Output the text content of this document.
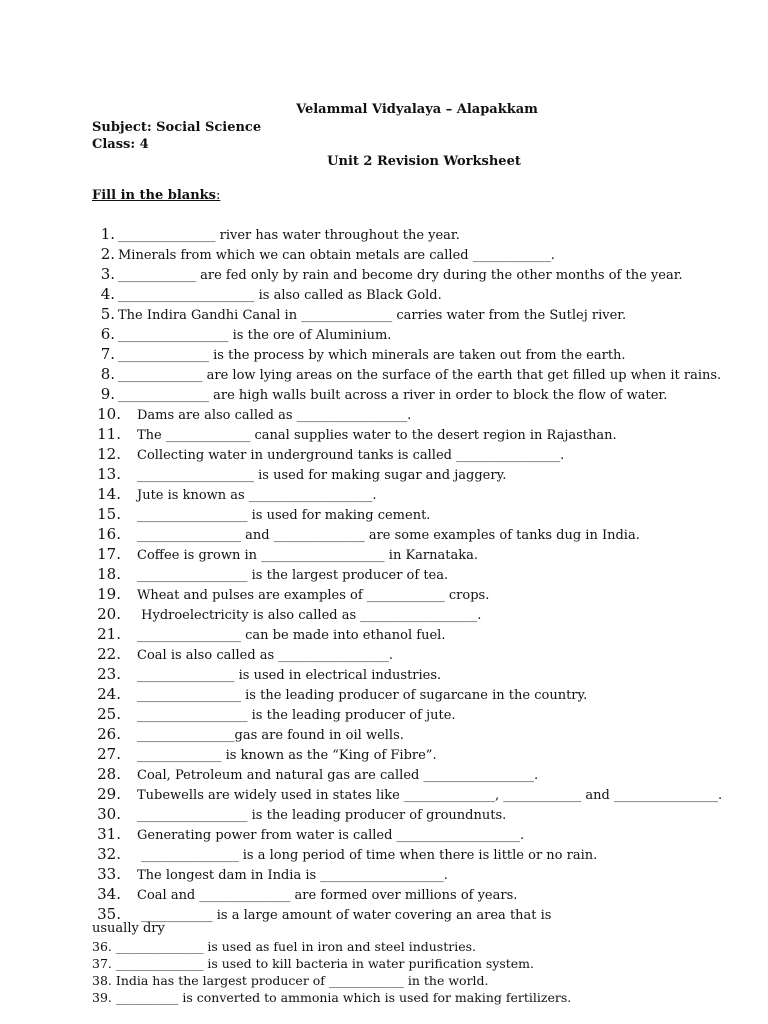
Velammal Vidyalaya – Alapakkam
Subject: Social Science
Class: 4
Unit 2 Revision Worksheet
Fill in the blanks:
1. _______________ river has water throughout the year.
2. Minerals from which we can obtain metals are called ____________.
3. ____________ are fed only by rain and become dry during the other months of the year.
4. _____________________ is also called as Black Gold.
5. The Indira Gandhi Canal in ______________ carries water from the Sutlej river.
6. _________________ is the ore of Aluminium.
7. ______________ is the process by which minerals are taken out from the earth.
8. _____________ are low lying areas on the surface of the earth that get filled up when it rains.
9. ______________ are high walls built across a river in order to block the flow of water.
10. Dams are also called as _________________.
11. The _____________ canal supplies water to the desert region in Rajasthan.
12. Collecting water in underground tanks is called ________________.
13. __________________ is used for making sugar and jaggery.
14. Jute is known as ___________________.
15. _________________ is used for making cement.
16. ________________ and ______________ are some examples of tanks dug in India.
17. Coffee is grown in ___________________ in Karnataka.
18. _________________ is the largest producer of tea.
19. Wheat and pulses are examples of ____________ crops.
20. Hydroelectricity is also called as __________________.
21. ________________ can be made into ethanol fuel.
22. Coal is also called as _________________.
23. _______________ is used in electrical industries.
24. ________________ is the leading producer of sugarcane in the country.
25. _________________ is the leading producer of jute.
26. _______________gas are found in oil wells.
27. _____________ is known as the “King of Fibre”.
28. Coal, Petroleum and natural gas are called _________________.
29. Tubewells are widely used in states like ______________, ____________ and ________________.
30. _________________ is the leading producer of groundnuts.
31. Generating power from water is called ___________________.
32. _______________ is a long period of time when there is little or no rain.
33. The longest dam in India is ___________________.
34. Coal and ______________ are formed over millions of years.
35. ___________ is a large amount of water covering an area that is
36. ______________ is used as fuel in iron and steel industries.
37. ______________ is used to kill bacteria in water purification system.
38. India has the largest producer of ____________ in the world.
39. __________ is converted to ammonia which is used for making fertilizers.
usually dry
